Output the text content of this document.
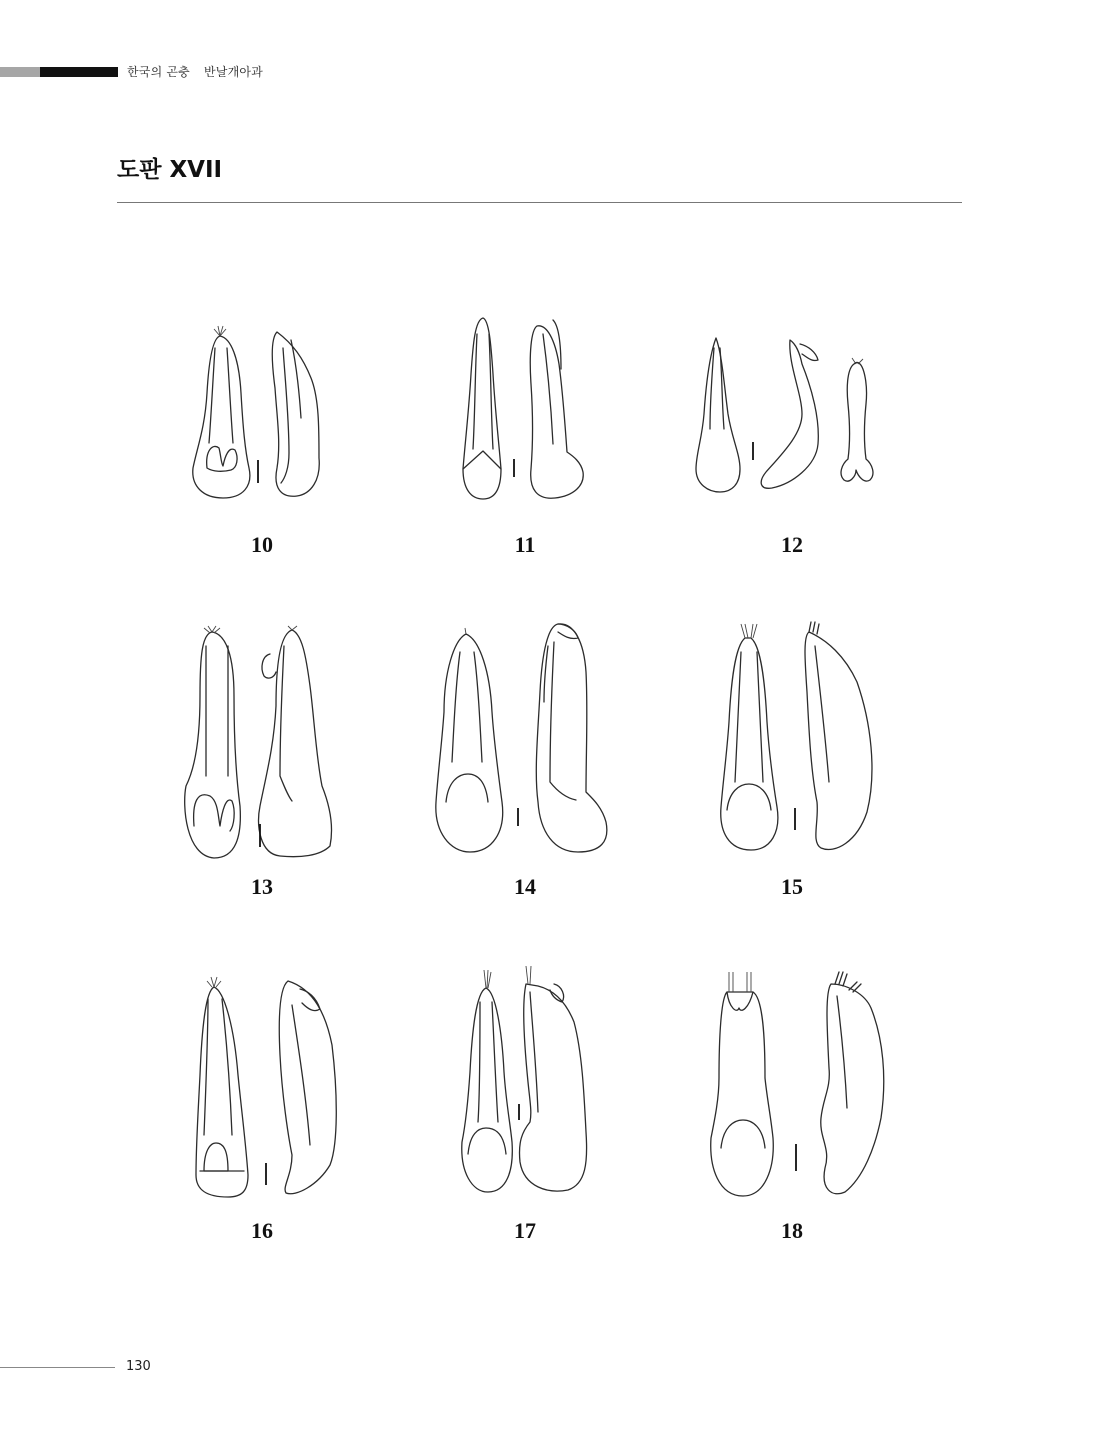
한국의 곤충 반날개아과
도판 XVII
10	11	12
13	14	15
16	17	18
130
